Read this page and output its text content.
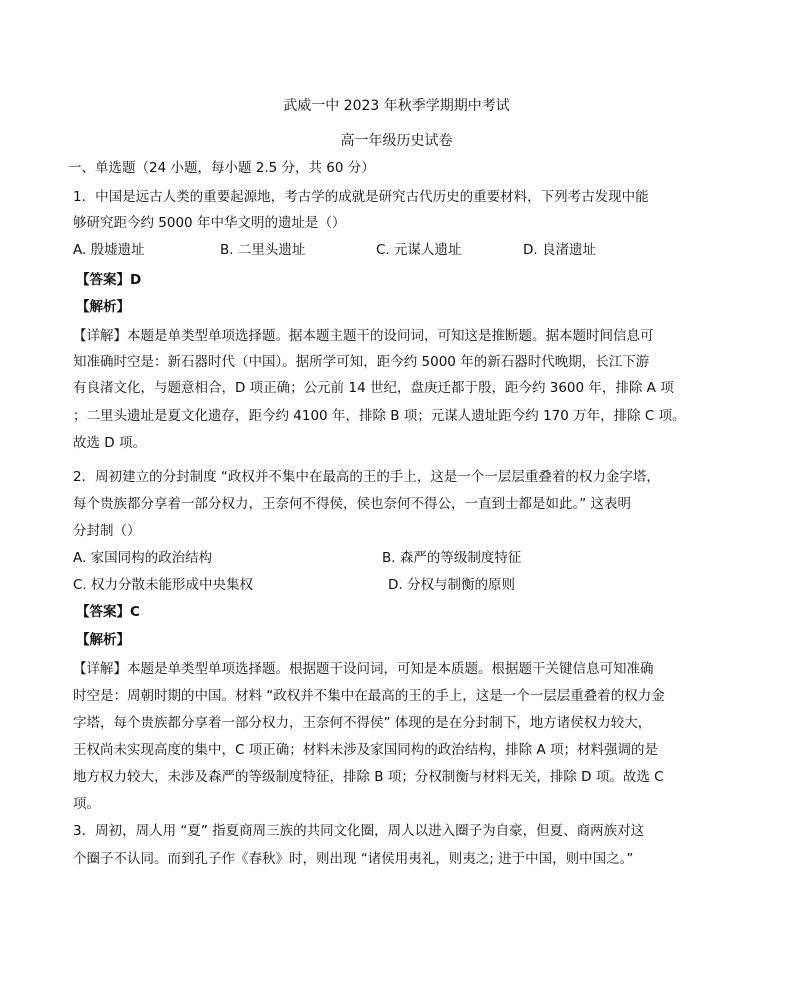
武威一中 2023 年秋季学期期中考试
高一年级历史试卷
一、单选题（24 小题，每小题 2.5 分，共 60 分）
1．中国是远古人类的重要起源地，考古学的成就是研究古代历史的重要材料，下列考古发现中能
够研究距今约 5000 年中华文明的遗址是（）
A. 殷墟遗址	B. 二里头遗址	C. 元谋人遗址	D. 良渚遗址
【答案】D
【解析】
【详解】本题是单类型单项选择题。据本题主题干的设问词，可知这是推断题。据本题时间信息可
知准确时空是：新石器时代（中国）。据所学可知，距今约 5000 年的新石器时代晚期，长江下游
有良渚文化，与题意相合，D 项正确；公元前 14 世纪，盘庚迁都于殷，距今约 3600 年，排除 A 项
；二里头遗址是夏文化遗存，距今约 4100 年，排除 B 项；元谋人遗址距今约 170 万年，排除 C 项。
故选 D 项。
2．周初建立的分封制度 “政权并不集中在最高的王的手上，这是一个一层层重叠着的权力金字塔，
每个贵族都分享着一部分权力，王奈何不得侯，侯也奈何不得公，一直到士都是如此。” 这表明
分封制（）
A. 家国同构的政治结构	B. 森严的等级制度特征
C. 权力分散未能形成中央集权	D. 分权与制衡的原则
【答案】C
【解析】
【详解】本题是单类型单项选择题。根据题干设问词，可知是本质题。根据题干关键信息可知准确
时空是：周朝时期的中国。材料 “政权并不集中在最高的王的手上，这是一个一层层重叠着的权力金
字塔，每个贵族都分享着一部分权力，王奈何不得侯” 体现的是在分封制下，地方诸侯权力较大，
王权尚未实现高度的集中，C 项正确；材料未涉及家国同构的政治结构，排除 A 项；材料强调的是
地方权力较大，未涉及森严的等级制度特征，排除 B 项；分权制衡与材料无关，排除 D 项。故选 C
项。
3．周初，周人用 “夏” 指夏商周三族的共同文化圈，周人以进入圈子为自豪，但夏、商两族对这
个圈子不认同。而到孔子作《春秋》时，则出现 “诸侯用夷礼，则夷之; 进于中国，则中国之。”
